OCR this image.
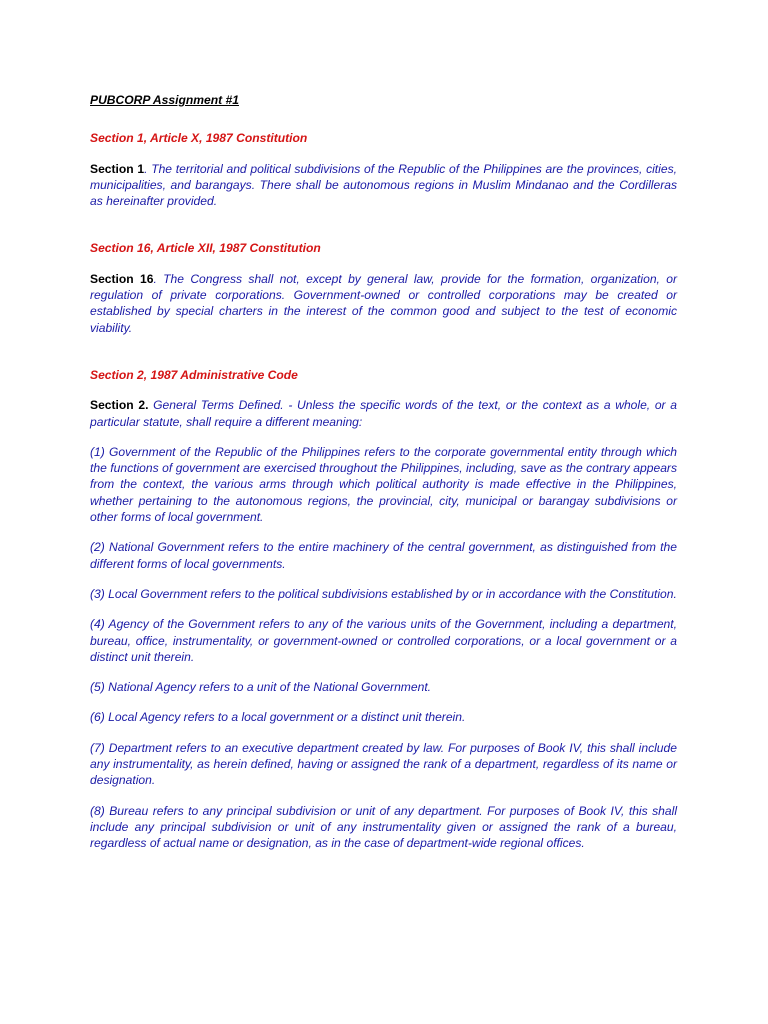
PUBCORP Assignment #1

Section 1, Article X, 1987 Constitution

Section 1. The territorial and political subdivisions of the Republic of the Philippines are the provinces, cities, municipalities, and barangays. There shall be autonomous regions in Muslim Mindanao and the Cordilleras as hereinafter provided.

Section 16, Article XII, 1987 Constitution

Section 16. The Congress shall not, except by general law, provide for the formation, organization, or regulation of private corporations. Government-owned or controlled corporations may be created or established by special charters in the interest of the common good and subject to the test of economic viability.

Section 2, 1987 Administrative Code

Section 2. General Terms Defined. - Unless the specific words of the text, or the context as a whole, or a particular statute, shall require a different meaning:

(1) Government of the Republic of the Philippines refers to the corporate governmental entity through which the functions of government are exercised throughout the Philippines, including, save as the contrary appears from the context, the various arms through which political authority is made effective in the Philippines, whether pertaining to the autonomous regions, the provincial, city, municipal or barangay subdivisions or other forms of local government.

(2) National Government refers to the entire machinery of the central government, as distinguished from the different forms of local governments.

(3) Local Government refers to the political subdivisions established by or in accordance with the Constitution.

(4) Agency of the Government refers to any of the various units of the Government, including a department, bureau, office, instrumentality, or government-owned or controlled corporations, or a local government or a distinct unit therein.

(5) National Agency refers to a unit of the National Government.

(6) Local Agency refers to a local government or a distinct unit therein.

(7) Department refers to an executive department created by law. For purposes of Book IV, this shall include any instrumentality, as herein defined, having or assigned the rank of a department, regardless of its name or designation.

(8) Bureau refers to any principal subdivision or unit of any department. For purposes of Book IV, this shall include any principal subdivision or unit of any instrumentality given or assigned the rank of a bureau, regardless of actual name or designation, as in the case of department-wide regional offices.
